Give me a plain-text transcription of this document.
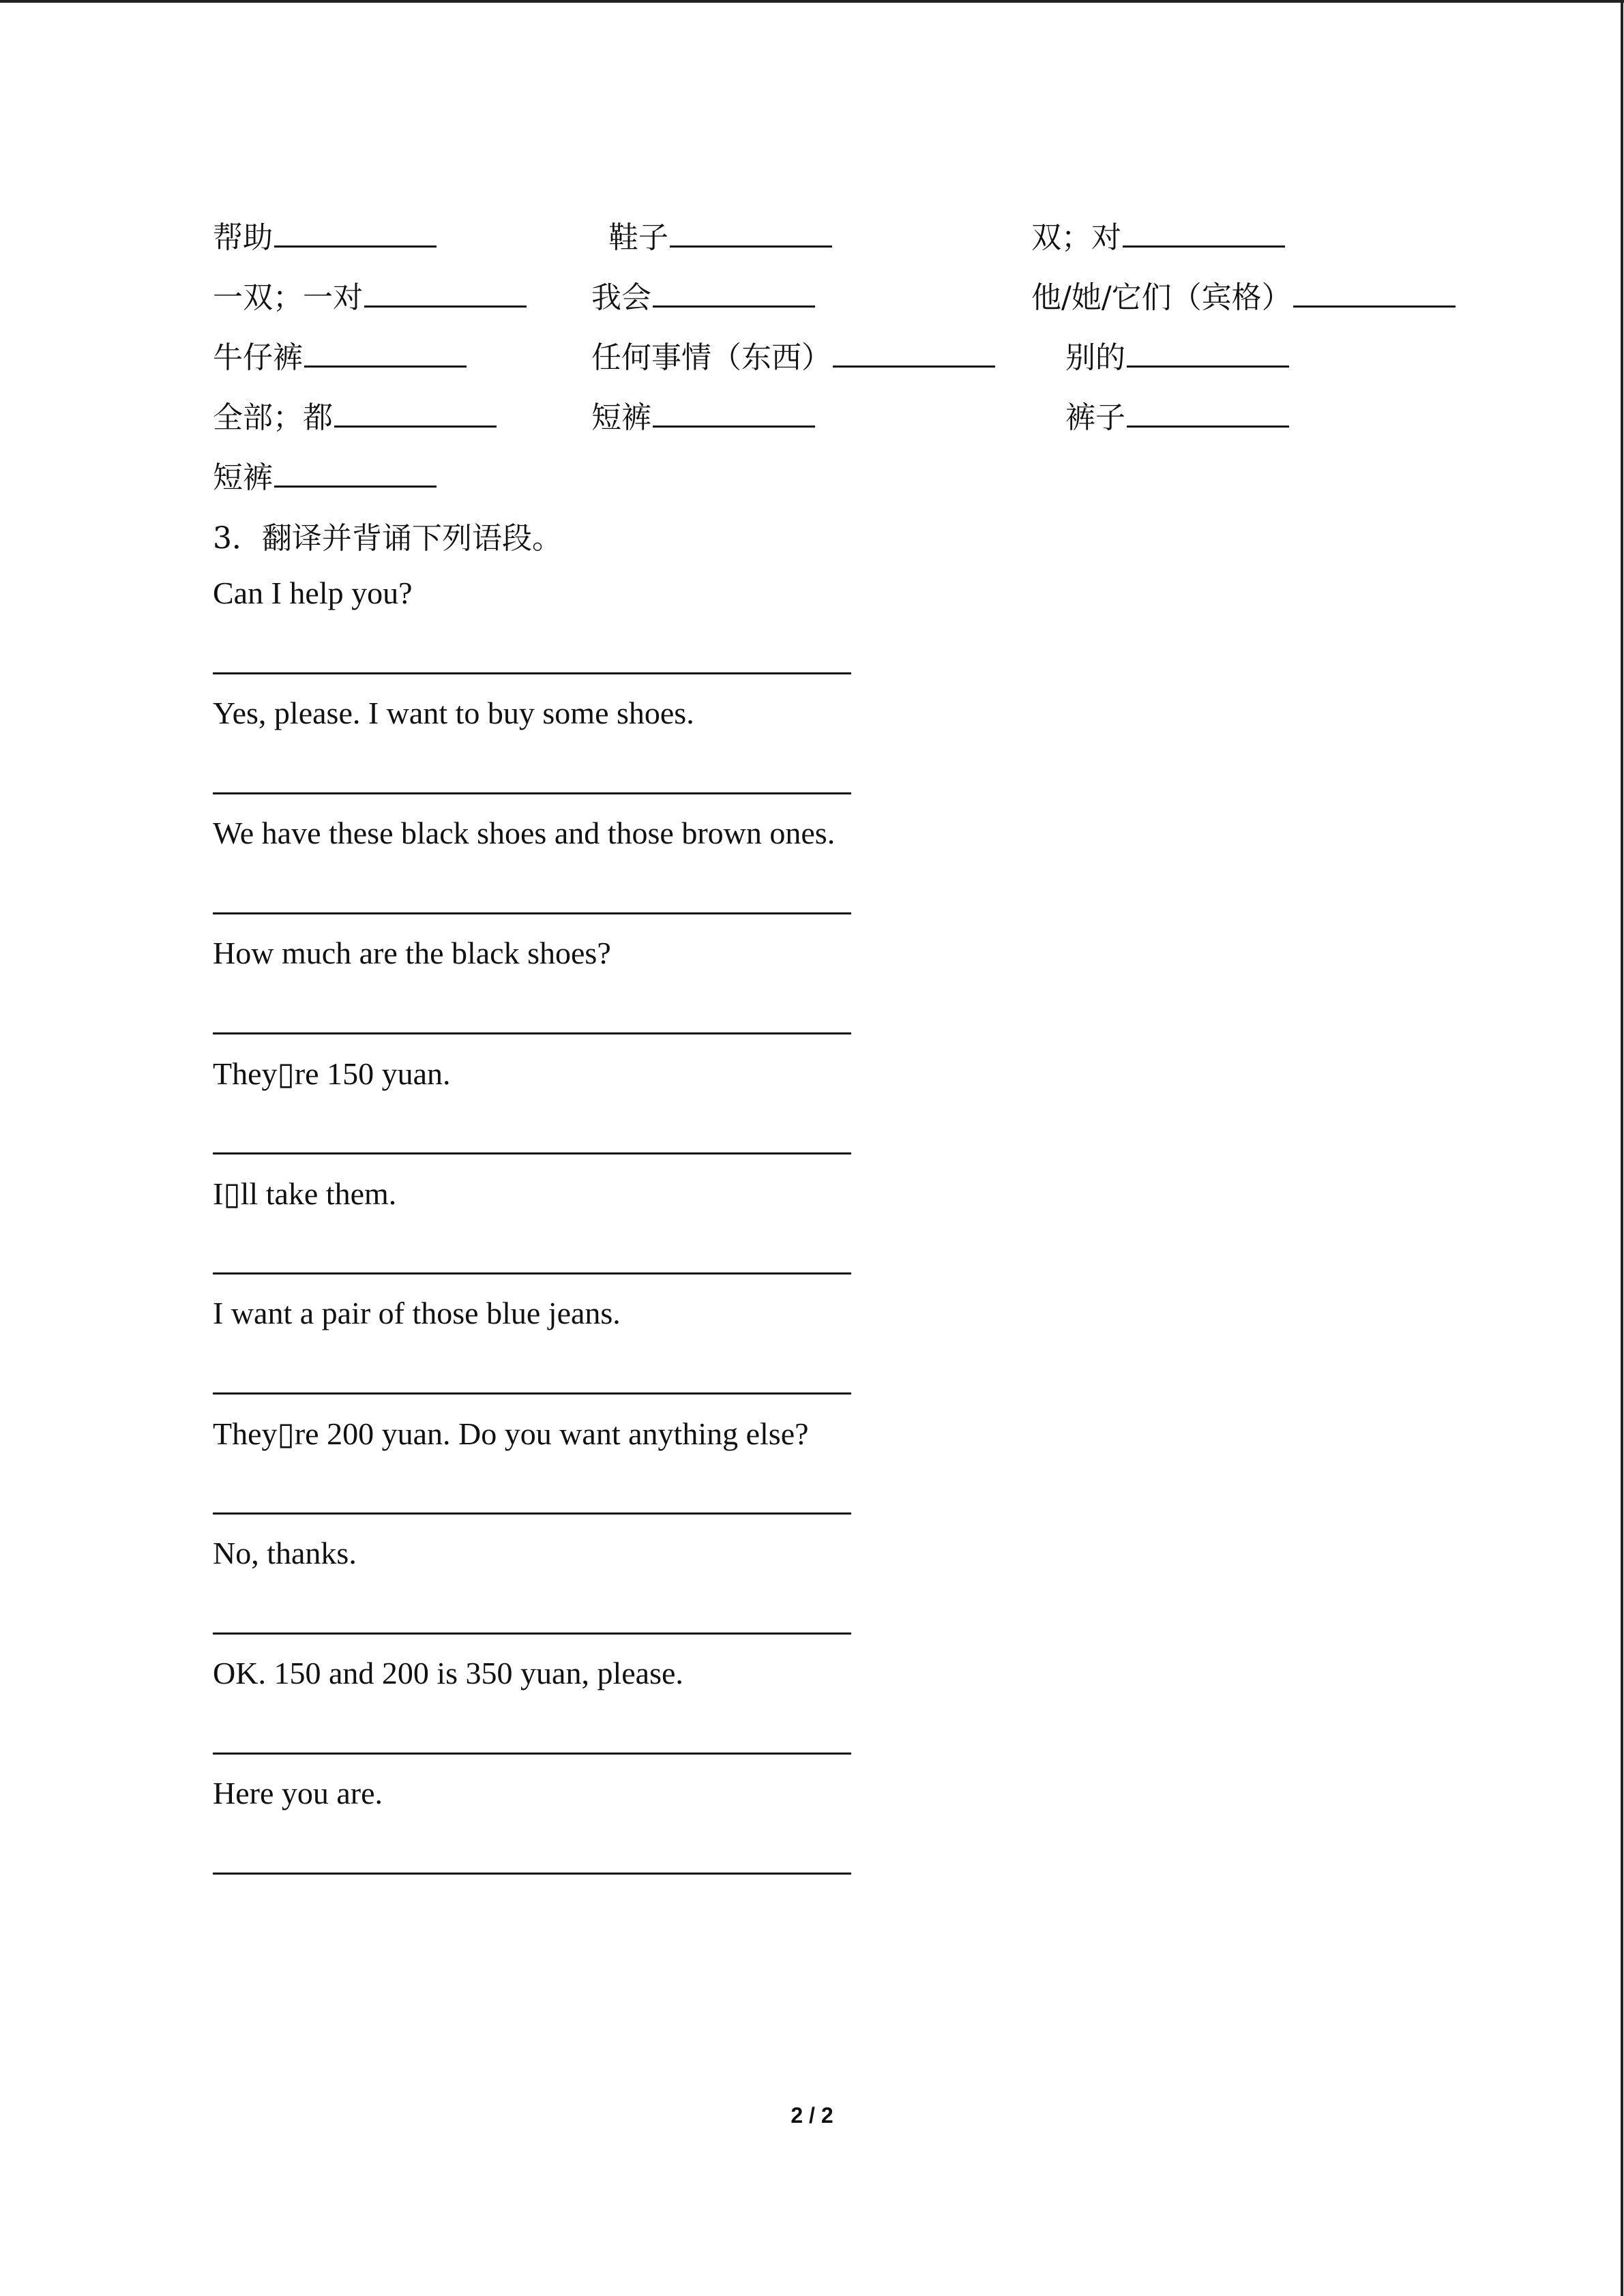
帮助	鞋子	双；对
一双；一对	我会	他/她/它们（宾格）
牛仔裤	任何事情（东西）	别的
全部；都	短裤	裤子
短裤
3．翻译并背诵下列语段。
Can I help you?
Yes, please. I want to buy some shoes.
We have these black shoes and those brown ones.
How much are the black shoes?
They▯re 150 yuan.
I▯ll take them.
I want a pair of those blue jeans.
They▯re 200 yuan. Do you want anything else?
No, thanks.
OK. 150 and 200 is 350 yuan, please.
Here you are.
2 / 2
